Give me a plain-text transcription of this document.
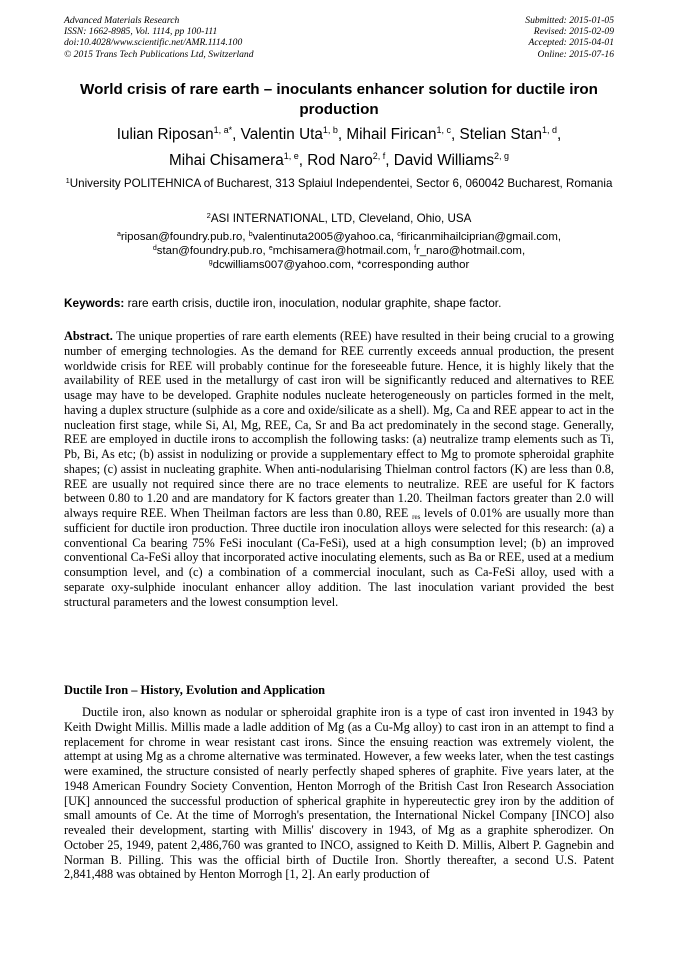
Advanced Materials Research
ISSN: 1662-8985, Vol. 1114, pp 100-111
doi:10.4028/www.scientific.net/AMR.1114.100
© 2015 Trans Tech Publications Ltd, Switzerland
Submitted: 2015-01-05
Revised: 2015-02-09
Accepted: 2015-04-01
Online: 2015-07-16
World crisis of rare earth – inoculants enhancer solution for ductile iron production
Iulian Riposan$^{1, a*}$, Valentin Uta$^{1, b}$, Mihail Firican$^{1, c}$, Stelian Stan$^{1, d}$,
Mihai Chisamera$^{1, e}$, Rod Naro$^{2, f}$, David Williams$^{2, g}$
$^1$University POLITEHNICA of Bucharest, 313 Splaiul Independentei, Sector 6, 060042 Bucharest, Romania
$^2$ASI INTERNATIONAL, LTD, Cleveland, Ohio, USA
$^a$riposan@foundry.pub.ro, $^b$valentinuta2005@yahoo.ca, $^c$firicanmihailciprian@gmail.com,
$^d$stan@foundry.pub.ro, $^e$mchisamera@hotmail.com, $^f$r_naro@hotmail.com,
$^g$dcwilliams007@yahoo.com, *corresponding author
Keywords: rare earth crisis, ductile iron, inoculation, nodular graphite, shape factor.
Abstract. The unique properties of rare earth elements (REE) have resulted in their being crucial to a growing number of emerging technologies. As the demand for REE currently exceeds annual production, the present worldwide crisis for REE will probably continue for the foreseeable future. Hence, it is highly likely that the availability of REE used in the metallurgy of cast iron will be significantly reduced and alternatives to REE usage may have to be developed. Graphite nodules nucleate heterogeneously on particles formed in the melt, having a duplex structure (sulphide as a core and oxide/silicate as a shell). Mg, Ca and REE appear to act in the nucleation first stage, while Si, Al, Mg, REE, Ca, Sr and Ba act predominately in the second stage. Generally, REE are employed in ductile irons to accomplish the following tasks: (a) neutralize tramp elements such as Ti, Pb, Bi, As etc; (b) assist in nodulizing or provide a supplementary effect to Mg to promote spheroidal graphite shapes; (c) assist in nucleating graphite. When anti-nodularising Thielman control factors (K) are less than 0.8, REE are usually not required since there are no trace elements to neutralize. REE are useful for K factors between 0.80 to 1.20 and are mandatory for K factors greater than 1.20. Theilman factors greater than 2.0 will always require REE. When Theilman factors are less than 0.80, REE $_{res}$ levels of 0.01% are usually more than sufficient for ductile iron production. Three ductile iron inoculation alloys were selected for this research: (a) a conventional Ca bearing 75% FeSi inoculant (Ca-FeSi), used at a high consumption level; (b) an improved conventional Ca-FeSi alloy that incorporated active inoculating elements, such as Ba or REE, used at a medium consumption level, and (c) a combination of a commercial inoculant, such as Ca-FeSi alloy, used with a separate oxy-sulphide inoculant enhancer alloy addition. The last inoculation variant provided the best structural parameters and the lowest consumption level.
Ductile Iron – History, Evolution and Application
Ductile iron, also known as nodular or spheroidal graphite iron is a type of cast iron invented in 1943 by Keith Dwight Millis. Millis made a ladle addition of Mg (as a Cu-Mg alloy) to cast iron in an attempt to find a replacement for chrome in wear resistant cast irons. Since the ensuing reaction was extremely violent, the attempt at using Mg as a chrome alternative was terminated. However, a few weeks later, when the test castings were examined, the structure consisted of nearly perfectly shaped spheres of graphite. Five years later, at the 1948 American Foundry Society Convention, Henton Morrogh of the British Cast Iron Research Association [UK] announced the successful production of spherical graphite in hypereutectic grey iron by the addition of small amounts of Ce. At the time of Morrogh's presentation, the International Nickel Company [INCO] also revealed their development, starting with Millis' discovery in 1943, of Mg as a graphite spherodizer. On October 25, 1949, patent 2,486,760 was granted to INCO, assigned to Keith D. Millis, Albert P. Gagnebin and Norman B. Pilling. This was the official birth of Ductile Iron. Shortly thereafter, a second U.S. Patent 2,841,488 was obtained by Henton Morrogh [1, 2]. An early production of
